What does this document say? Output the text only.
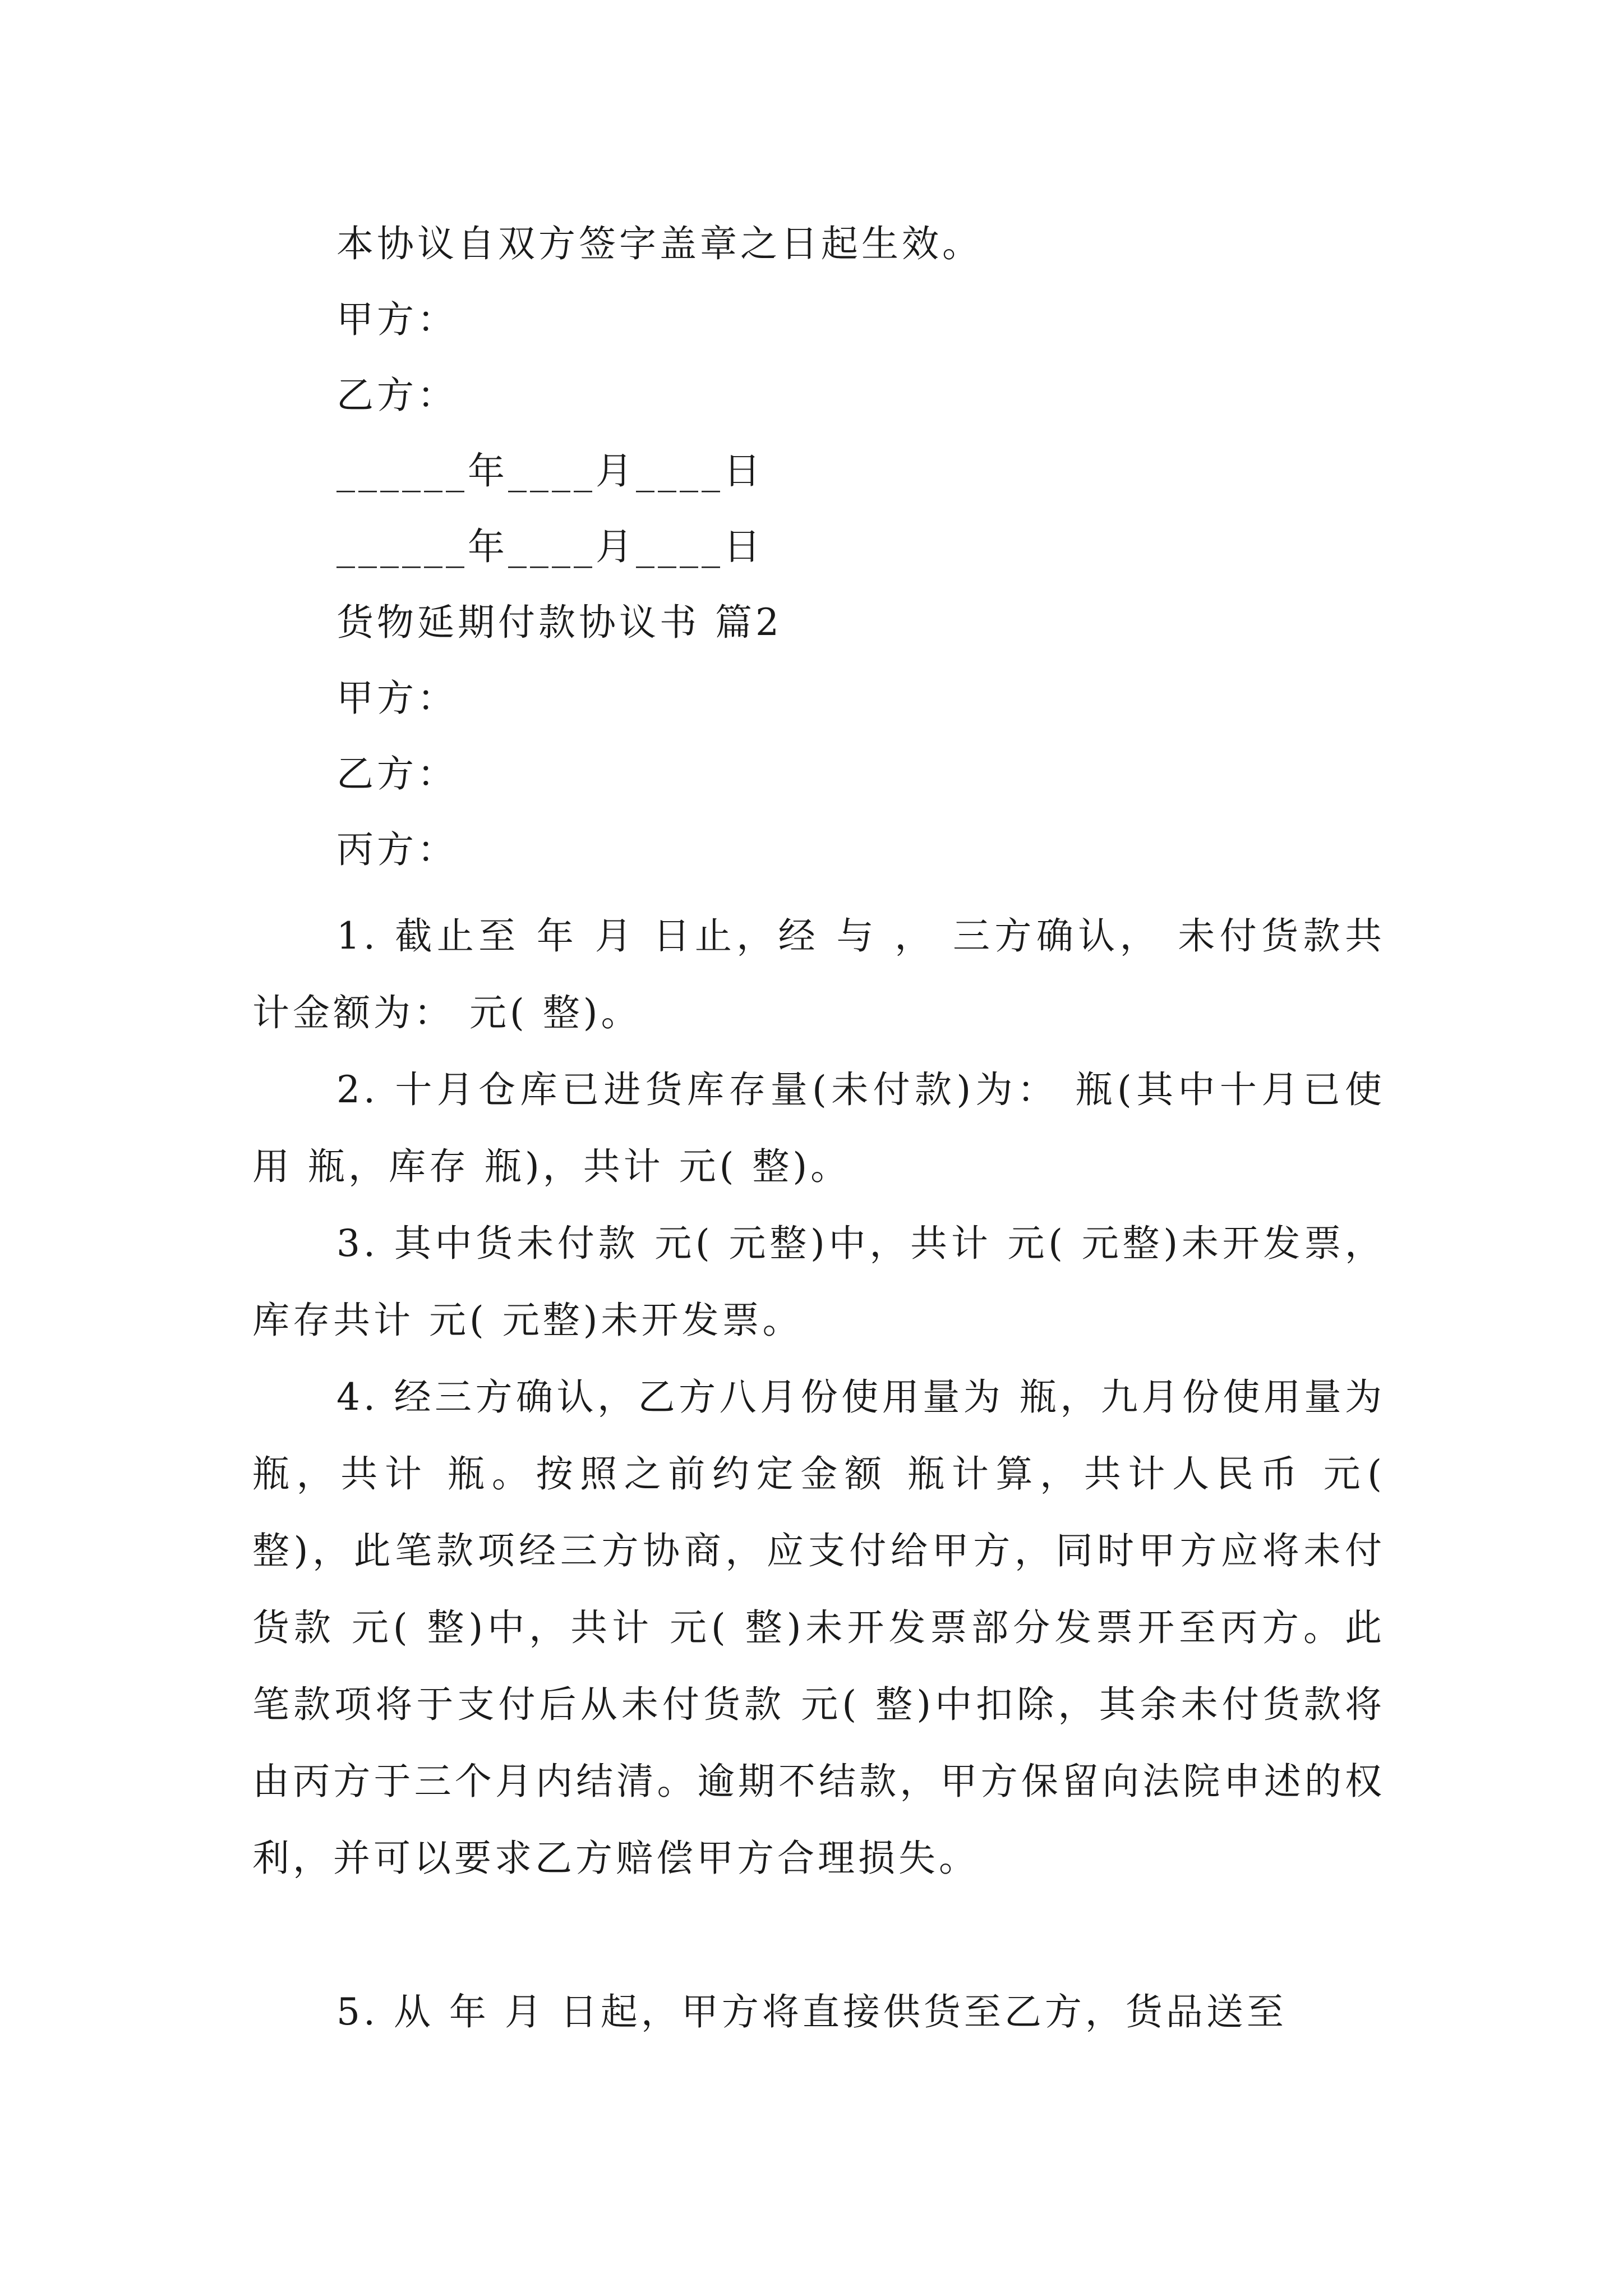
本协议自双方签字盖章之日起生效。
甲方：
乙方：
______年____月____日
______年____月____日
货物延期付款协议书 篇2
甲方：
乙方：
丙方：
1. 截止至 年 月 日止，经 与 ， 三方确认， 未付货款共计金额为： 元( 整)。
2. 十月仓库已进货库存量(未付款)为： 瓶(其中十月已使用 瓶，库存 瓶)，共计 元( 整)。
3. 其中货未付款 元( 元整)中，共计 元( 元整)未开发票，库存共计 元( 元整)未开发票。
4. 经三方确认，乙方八月份使用量为 瓶，九月份使用量为 瓶，共计 瓶。按照之前约定金额 瓶计算，共计人民币 元( 整)，此笔款项经三方协商，应支付给甲方，同时甲方应将未付货款 元( 整)中，共计 元( 整)未开发票部分发票开至丙方。此笔款项将于支付后从未付货款 元( 整)中扣除，其余未付货款将由丙方于三个月内结清。逾期不结款，甲方保留向法院申述的权利，并可以要求乙方赔偿甲方合理损失。
5. 从 年 月 日起，甲方将直接供货至乙方，货品送至
